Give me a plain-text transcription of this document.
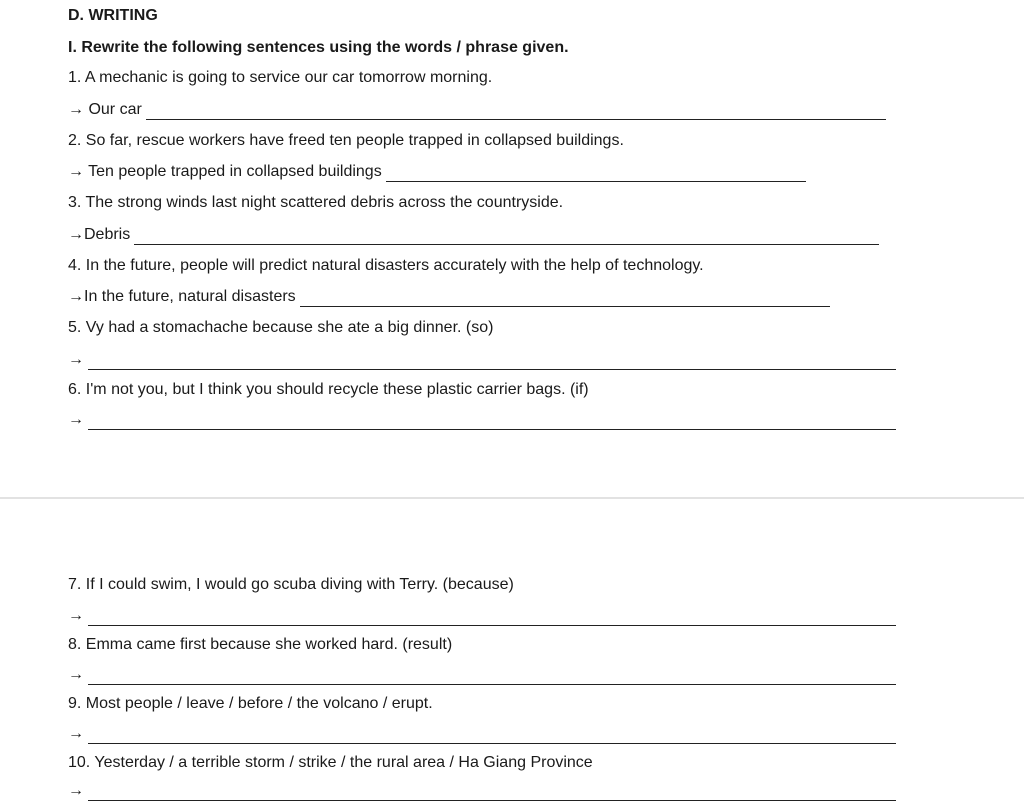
D. WRITING
I. Rewrite the following sentences using the words / phrase given.
1. A mechanic is going to service our car tomorrow morning.
→ Our car
2. So far, rescue workers have freed ten people trapped in collapsed buildings.
→ Ten people trapped in collapsed buildings
3. The strong winds last night scattered debris across the countryside.
→Debris
4. In the future, people will predict natural disasters accurately with the help of technology.
→In the future, natural disasters
5. Vy had a stomachache because she ate a big dinner. (so)
→
6. I'm not you, but I think you should recycle these plastic carrier bags. (if)
→
7. If I could swim, I would go scuba diving with Terry. (because)
→
8. Emma came first because she worked hard. (result)
→
9. Most people / leave / before / the volcano / erupt.
→
10. Yesterday / a terrible storm / strike / the rural area / Ha Giang Province
→
